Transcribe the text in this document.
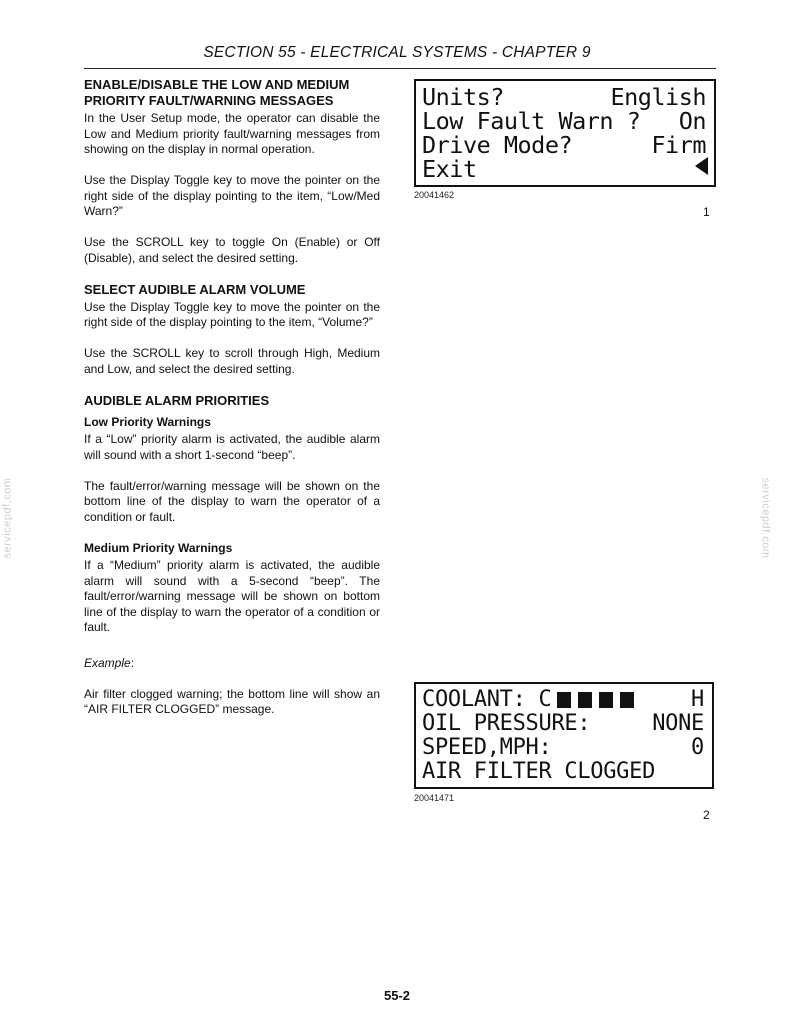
SECTION 55 - ELECTRICAL SYSTEMS - CHAPTER 9
ENABLE/DISABLE THE LOW AND MEDIUM
PRIORITY FAULT/WARNING MESSAGES
In the User Setup mode, the operator can disable the Low and Medium priority fault/warning messages from showing on the display in normal operation.
Use the Display Toggle key to move the pointer on the right side of the display pointing to the item, “Low/Med Warn?”
Use the SCROLL key to toggle On (Enable) or Off (Disable), and select the desired setting.
SELECT AUDIBLE ALARM VOLUME
Use the Display Toggle key to move the pointer on the right side of the display pointing to the item, “Volume?”
Use the SCROLL key to scroll through High, Medium and Low, and select the desired setting.
AUDIBLE ALARM PRIORITIES
Low Priority Warnings
If a “Low” priority alarm is activated, the audible alarm will sound with a short 1-second “beep”.
The fault/error/warning message will be shown on the bottom line of the display to warn the operator of a condition or fault.
Medium Priority Warnings
If a “Medium” priority alarm is activated, the audible alarm will sound with a 5-second “beep”. The fault/error/warning message will be shown on bottom line of the display to warn the operator of a condition or fault.
Example:
Air filter clogged warning; the bottom line will show an “AIR FILTER CLOGGED” message.
Units?	English
Low Fault Warn ? On
Drive Mode?	Firm
Exit
20041462
1
COOLANT: C	H
OIL PRESSURE:	NONE
SPEED,MPH:	0
AIR FILTER CLOGGED
20041471
2
servicepdf.com	servicepdf.com
55-2
